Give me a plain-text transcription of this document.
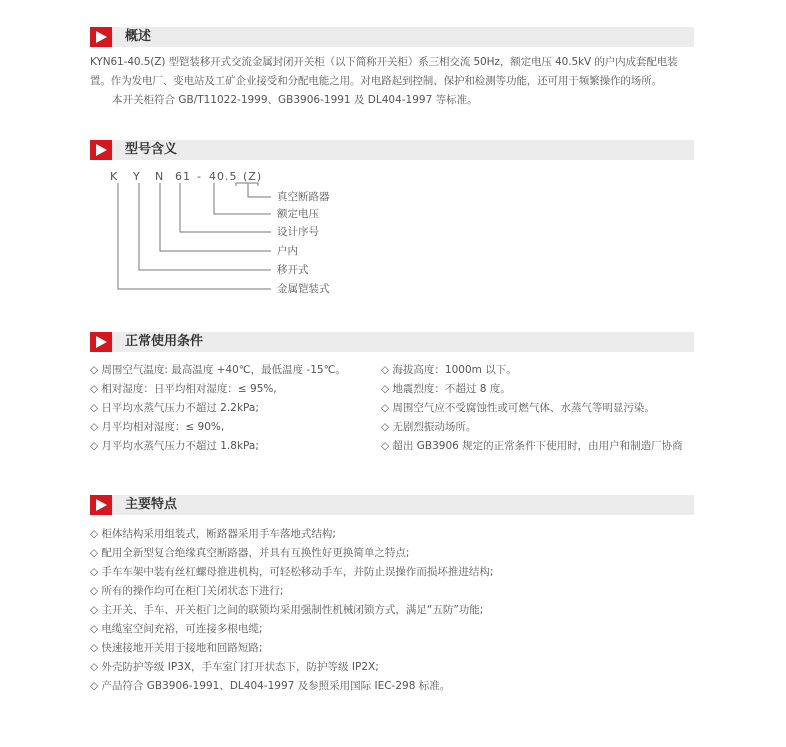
概述

KYN61-40.5(Z) 型铠装移开式交流金属封闭开关柜（以下简称开关柜）系三相交流 50Hz，额定电压 40.5kV 的户内成套配电装置。作为发电厂、变电站及工矿企业接受和分配电能之用。对电路起到控制、保护和检测等功能，还可用于频繁操作的场所。

本开关柜符合 GB/T11022-1999、GB3906-1991 及 DL404-1997 等标准。

型号含义
K Y N 61 - 40.5 (Z)
真空断路器
额定电压
设计序号
户内
移开式
金属铠装式
正常使用条件
◇ 周围空气温度: 最高温度 +40℃，最低温度 -15℃。
◇ 相对湿度：日平均相对湿度：≤ 95%,
◇ 日平均水蒸气压力不超过 2.2kPa;
◇ 月平均相对湿度：≤ 90%,
◇ 月平均水蒸气压力不超过 1.8kPa;
◇ 海拔高度：1000m 以下。
◇ 地震烈度：不超过 8 度。
◇ 周围空气应不受腐蚀性或可燃气体、水蒸气等明显污染。
◇ 无剧烈振动场所。
◇ 超出 GB3906 规定的正常条件下使用时，由用户和制造厂协商
主要特点
◇ 柜体结构采用组装式，断路器采用手车落地式结构;
◇ 配用全新型复合绝缘真空断路器，并具有互换性好更换简单之特点;
◇ 手车车架中装有丝杠螺母推进机构，可轻松移动手车，并防止误操作而损坏推进结构;
◇ 所有的操作均可在柜门关闭状态下进行;
◇ 主开关、手车、开关柜门之间的联锁均采用强制性机械闭锁方式，满足“五防”功能;
◇ 电缆室空间充裕，可连接多根电缆;
◇ 快速接地开关用于接地和回路短路;
◇ 外壳防护等级 IP3X，手车室门打开状态下，防护等级 IP2X;
◇ 产品符合 GB3906-1991、DL404-1997 及参照采用国际 IEC-298 标准。
